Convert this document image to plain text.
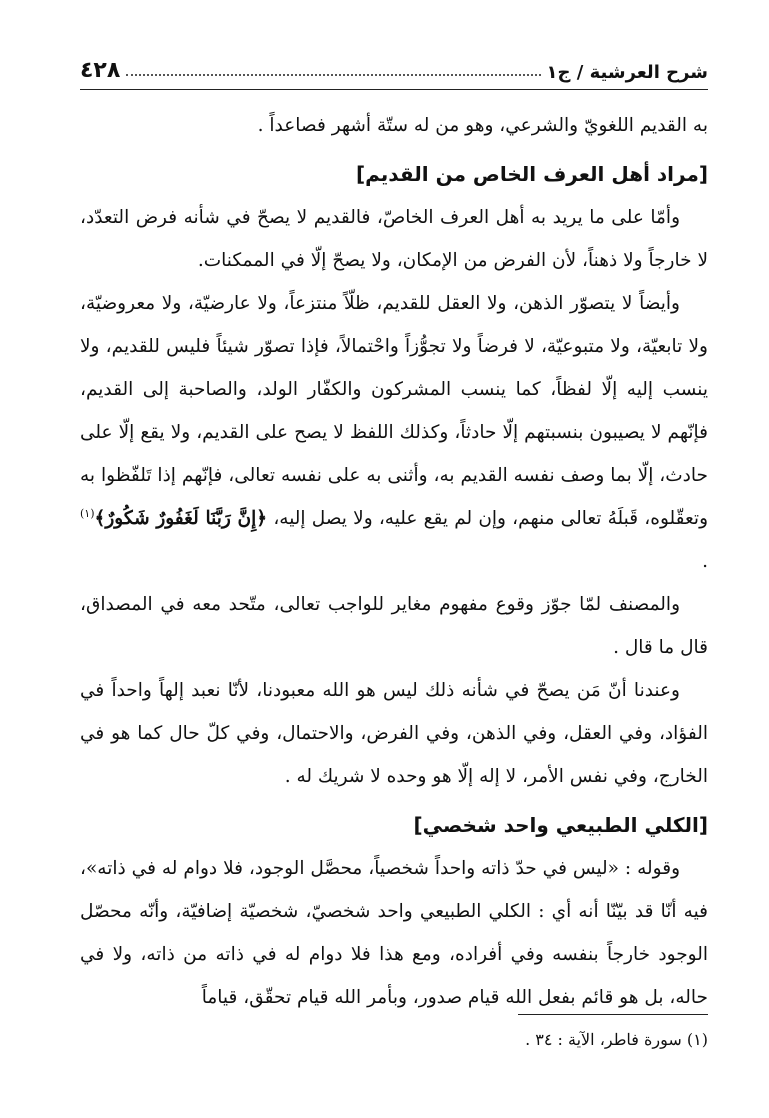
شرح العرشية / ج١
٤٢٨

به القديم اللغويّ والشرعي، وهو من له ستّة أشهر فصاعداً .

[مراد أهل العرف الخاص من القديم]

وأمّا على ما يريد به أهل العرف الخاصّ، فالقديم لا يصحّ في شأنه فرض التعدّد، لا خارجاً ولا ذهناً، لأن الفرض من الإمكان، ولا يصحّ إلّا في الممكنات.

وأيضاً لا يتصوّر الذهن، ولا العقل للقديم، ظلّاً منتزعاً، ولا عارضيّة، ولا معروضيّة، ولا تابعيّة، ولا متبوعيّة، لا فرضاً ولا تجوُّزاً واحْتمالاً، فإذا تصوّر شيئاً فليس للقديم، ولا ينسب إليه إلّا لفظاً، كما ينسب المشركون والكفّار الولد، والصاحبة إلى القديم، فإنّهم لا يصيبون بنسبتهم إلّا حادثاً، وكذلك اللفظ لا يصح على القديم، ولا يقع إلّا على حادث، إلّا بما وصف نفسه القديم به، وأثنى به على نفسه تعالى، فإنّهم إذا تَلفّظوا به وتعقّلوه، قَبلَهُ تعالى منهم، وإن لم يقع عليه، ولا يصل إليه، ﴿إِنَّ رَبَّنَا لَغَفُورٌ شَكُورٌ﴾$^{(١)}$ .

والمصنف لمّا جوّز وقوع مفهوم مغاير للواجب تعالى، متّحد معه في المصداق، قال ما قال .

وعندنا أنّ مَن يصحّ في شأنه ذلك ليس هو الله معبودنا، لأنّا نعبد إلهاً واحداً في الفؤاد، وفي العقل، وفي الذهن، وفي الفرض، والاحتمال، وفي كلّ حال كما هو في الخارج، وفي نفس الأمر، لا إله إلّا هو وحده لا شريك له .

[الكلي الطبيعي واحد شخصي]

وقوله : «ليس في حدّ ذاته واحداً شخصياً، محصَّل الوجود، فلا دوام له في ذاته»، فيه أنّا قد بيّنّا أنه أي : الكلي الطبيعي واحد شخصيّ، شخصيّة إضافيّة، وأنّه محصّل الوجود خارجاً بنفسه وفي أفراده، ومع هذا فلا دوام له في ذاته من ذاته، ولا في حاله، بل هو قائم بفعل الله قيام صدور، وبأمر الله قيام تحقّق، قياماً

(١) سورة فاطر، الآية : ٣٤ .
